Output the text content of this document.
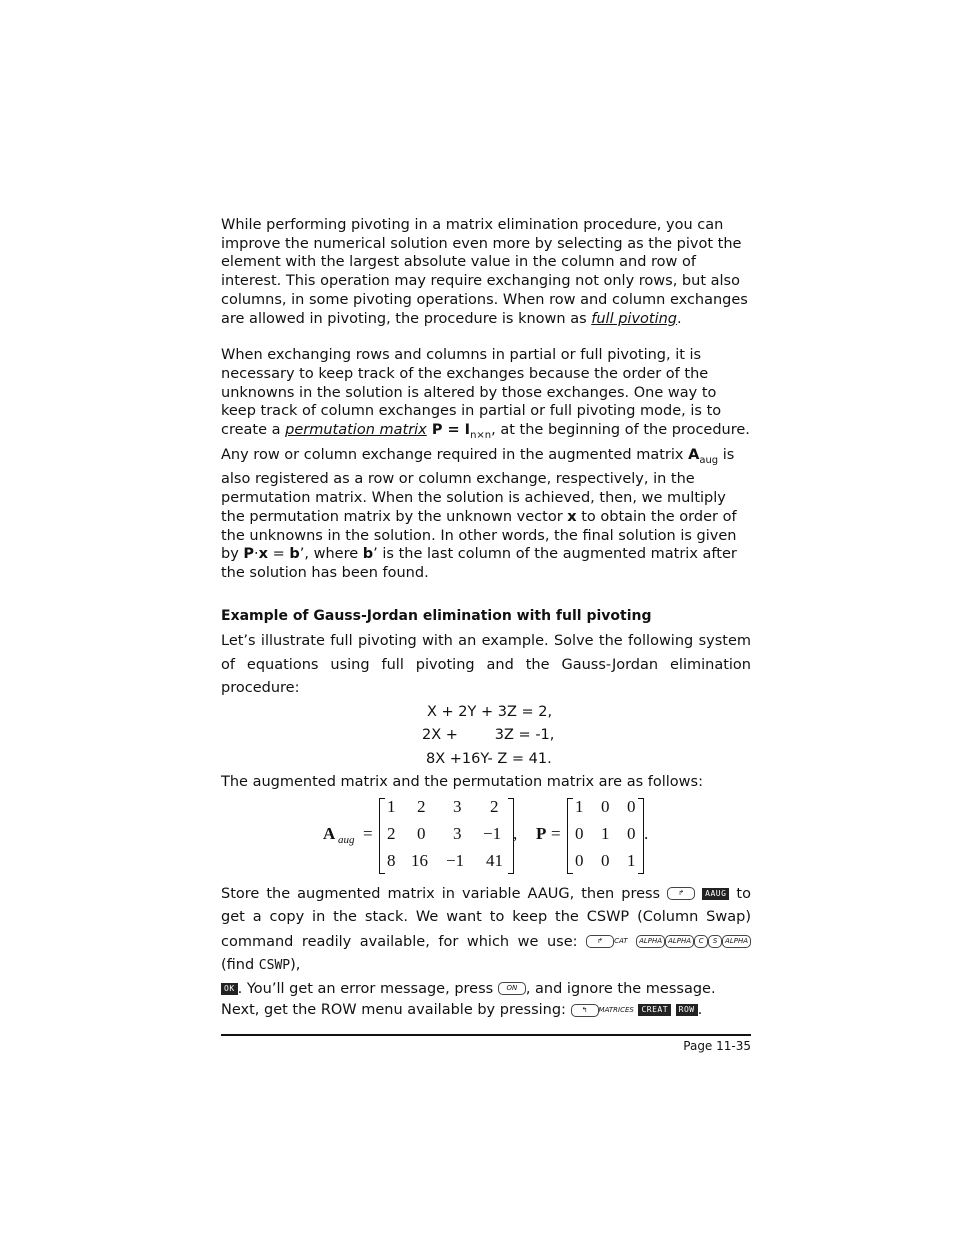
While performing pivoting in a matrix elimination procedure, you can improve the numerical solution even more by selecting as the pivot the element with the largest absolute value in the column and row of interest. This operation may require exchanging not only rows, but also columns, in some pivoting operations. When row and column exchanges are allowed in pivoting, the procedure is known as full pivoting.

When exchanging rows and columns in partial or full pivoting, it is necessary to keep track of the exchanges because the order of the unknowns in the solution is altered by those exchanges. One way to keep track of column exchanges in partial or full pivoting mode, is to create a permutation matrix $P = I_{n\times n}$, at the beginning of the procedure. Any row or column exchange required in the augmented matrix $A_{aug}$ is also registered as a row or column exchange, respectively, in the permutation matrix. When the solution is achieved, then, we multiply the permutation matrix by the unknown vector x to obtain the order of the unknowns in the solution. In other words, the final solution is given by P⋅x = b’, where b’ is the last column of the augmented matrix after the solution has been found.

Example of Gauss-Jordan elimination with full pivoting

Let’s illustrate full pivoting with an example. Solve the following system of equations using full pivoting and the Gauss-Jordan elimination procedure:

X + 2Y + 3Z = 2,
2X +        3Z = -1,
8X +16Y- Z = 41.

The augmented matrix and the permutation matrix are as follows:

A aug =
1 2 3 2
2 0 3 −1
8 16 −1 41
, P =
1 0 0
0 1 0
0 0 1
.

Store the augmented matrix in variable AAUG, then press ↱	AAUG to get a copy in the stack. We want to keep the CSWP (Column Swap) command readily available, for which we use: ↱ CAT ALPHA ALPHA C S ALPHA (find CSWP),
OK . You’ll get an error message, press ON , and ignore the message.

Next, get the ROW menu available by pressing: ↰ MATRICES CREAT ROW .

Page 11-35
